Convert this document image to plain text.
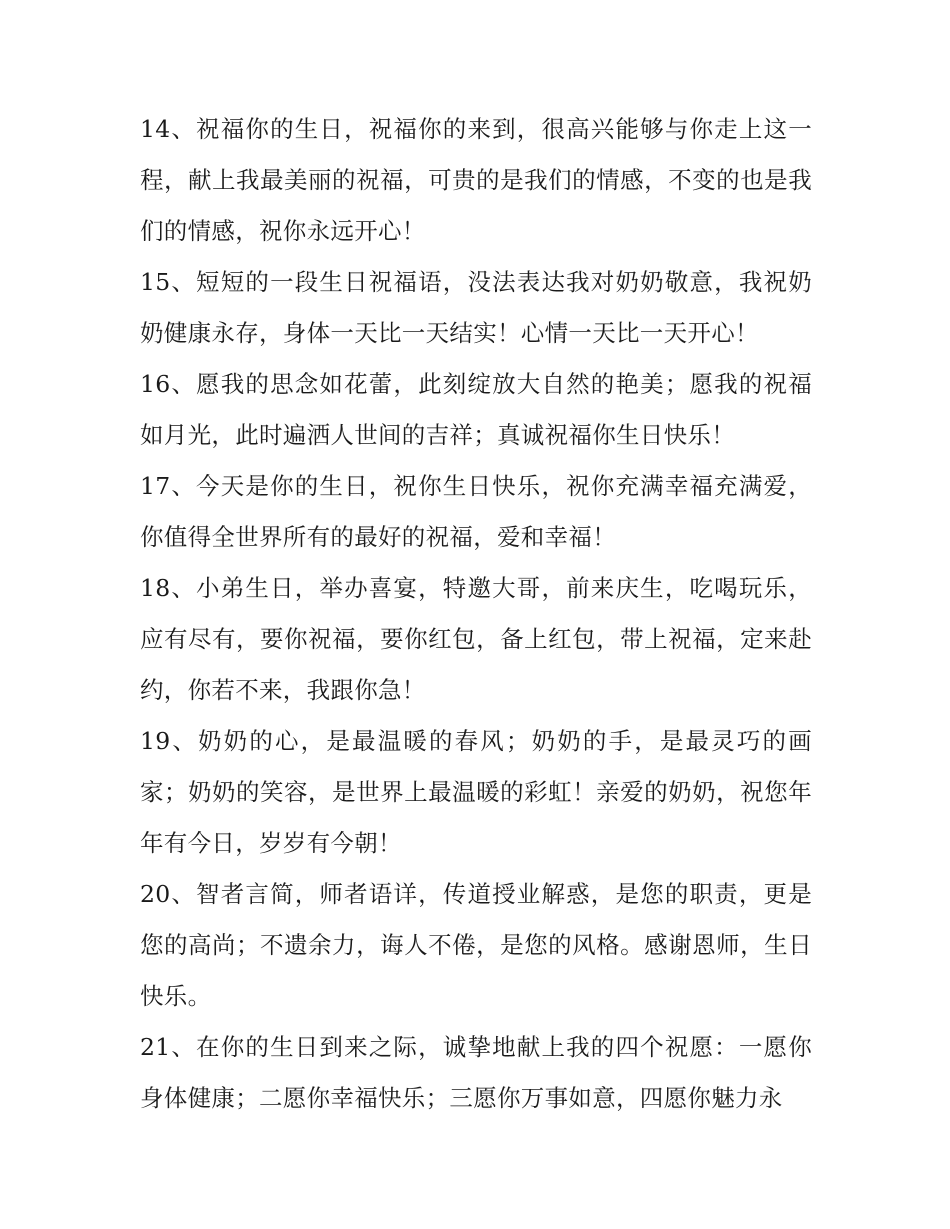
14、祝福你的生日，祝福你的来到，很高兴能够与你走上这一程，献上我最美丽的祝福，可贵的是我们的情感，不变的也是我们的情感，祝你永远开心！

15、短短的一段生日祝福语，没法表达我对奶奶敬意，我祝奶奶健康永存，身体一天比一天结实！心情一天比一天开心！

16、愿我的思念如花蕾，此刻绽放大自然的艳美；愿我的祝福如月光，此时遍洒人世间的吉祥；真诚祝福你生日快乐！

17、今天是你的生日，祝你生日快乐，祝你充满幸福充满爱，你值得全世界所有的最好的祝福，爱和幸福！

18、小弟生日，举办喜宴，特邀大哥，前来庆生，吃喝玩乐，应有尽有，要你祝福，要你红包，备上红包，带上祝福，定来赴约，你若不来，我跟你急！

19、奶奶的心，是最温暖的春风；奶奶的手，是最灵巧的画家；奶奶的笑容，是世界上最温暖的彩虹！亲爱的奶奶，祝您年年有今日，岁岁有今朝！

20、智者言简，师者语详，传道授业解惑，是您的职责，更是您的高尚；不遗余力，诲人不倦，是您的风格。感谢恩师，生日快乐。

21、在你的生日到来之际，诚挚地献上我的四个祝愿：一愿你身体健康；二愿你幸福快乐；三愿你万事如意，四愿你魅力永
